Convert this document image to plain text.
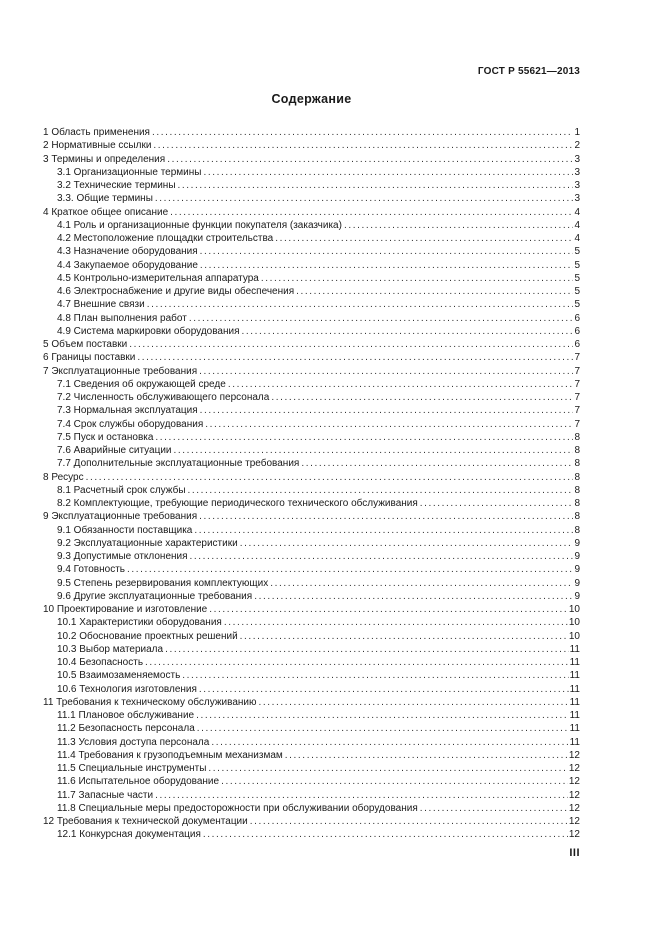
ГОСТ Р 55621—2013
Содержание
1 Область применения .....	1
2 Нормативные ссылки .....	2
3 Термины и определения .....	3
3.1 Организационные термины .....	3
3.2 Технические термины .....	3
3.3. Общие термины .....	3
4 Краткое общее описание .....	4
4.1 Роль и организационные функции покупателя (заказчика) .....	4
4.2 Местоположение площадки строительства .....	4
4.3 Назначение оборудования .....	5
4.4 Закупаемое оборудование .....	5
4.5 Контрольно-измерительная аппаратура .....	5
4.6 Электроснабжение и другие виды обеспечения .....	5
4.7 Внешние связи .....	5
4.8 План выполнения работ .....	6
4.9 Система маркировки оборудования .....	6
5 Объем поставки .....	6
6 Границы поставки .....	7
7 Эксплуатационные требования .....	7
7.1 Сведения об окружающей среде .....	7
7.2 Численность обслуживающего персонала .....	7
7.3 Нормальная эксплуатация .....	7
7.4 Срок службы оборудования .....	7
7.5 Пуск и остановка .....	8
7.6 Аварийные ситуации .....	8
7.7 Дополнительные эксплуатационные требования .....	8
8 Ресурс .....	8
8.1 Расчетный срок службы .....	8
8.2 Комплектующие, требующие периодического технического обслуживания .....	8
9 Эксплуатационные требования .....	8
9.1 Обязанности поставщика .....	8
9.2 Эксплуатационные характеристики .....	9
9.3 Допустимые отклонения .....	9
9.4 Готовность .....	9
9.5 Степень резервирования комплектующих .....	9
9.6 Другие эксплуатационные требования .....	9
10 Проектирование и изготовление .....	10
10.1 Характеристики оборудования .....	10
10.2 Обоснование проектных решений .....	10
10.3 Выбор материала .....	11
10.4 Безопасность .....	11
10.5 Взаимозаменяемость .....	11
10.6 Технология изготовления .....	11
11 Требования к техническому обслуживанию .....	11
11.1 Плановое обслуживание .....	11
11.2 Безопасность персонала .....	11
11.3 Условия доступа персонала .....	11
11.4 Требования к грузоподъемным механизмам .....	12
11.5 Специальные инструменты .....	12
11.6 Испытательное оборудование .....	12
11.7 Запасные части .....	12
11.8 Специальные меры предосторожности при обслуживании оборудования .....	12
12 Требования к технической документации .....	12
12.1 Конкурсная документация .....	12
III
